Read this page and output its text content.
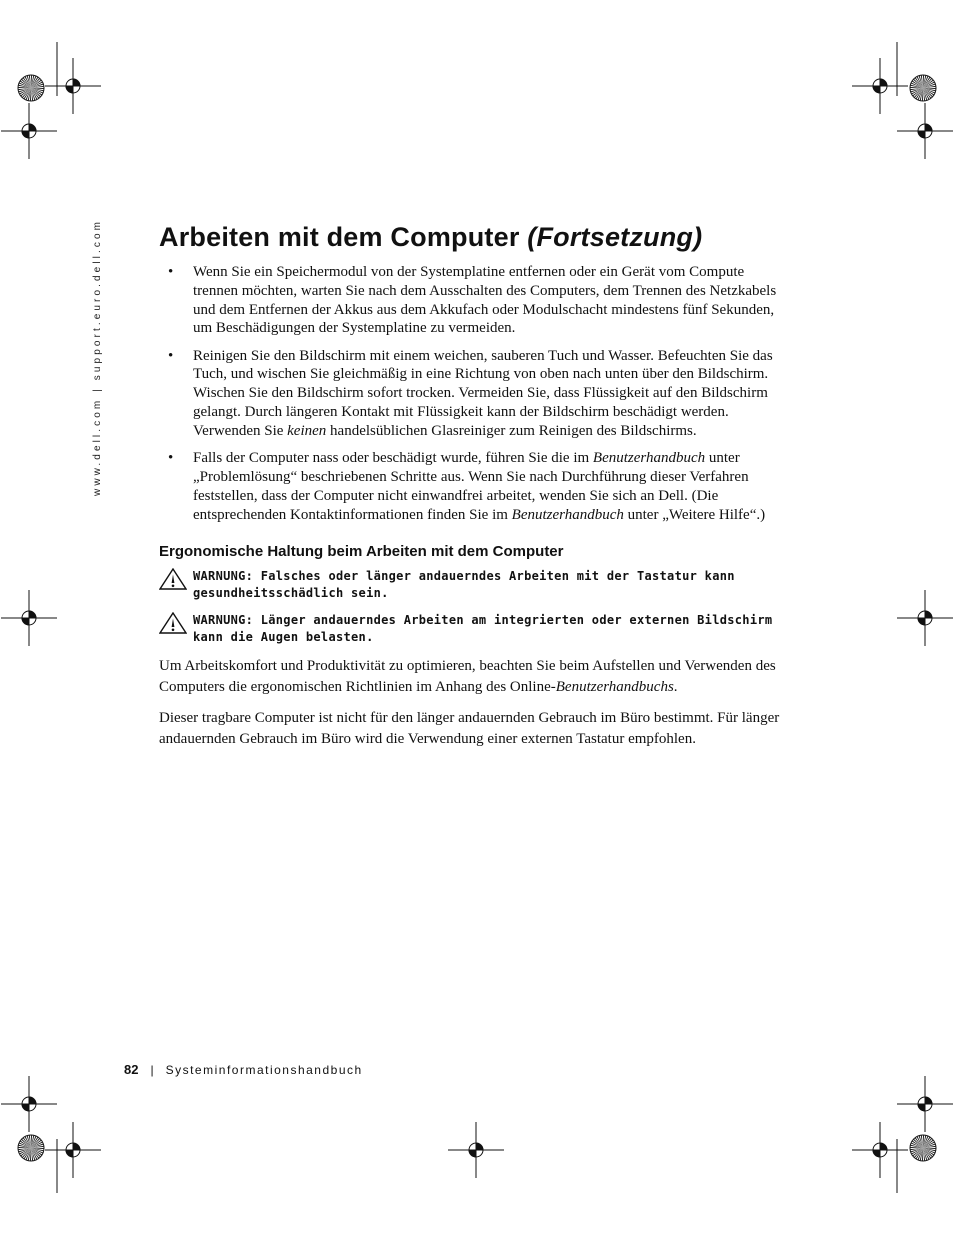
www.dell.com | support.euro.dell.com Arbeiten mit dem Computer (Fortsetzung)
• Wenn Sie ein Speichermodul von der Systemplatine entfernen oder ein Gerät vom Compute trennen möchten, warten Sie nach dem Ausschalten des Computers, dem Trennen des Netzkabels und dem Entfernen der Akkus aus dem Akkufach oder Modulschacht mindestens fünf Sekunden, um Beschädigungen der Systemplatine zu vermeiden.
• Reinigen Sie den Bildschirm mit einem weichen, sauberen Tuch und Wasser. Befeuchten Sie das Tuch, und wischen Sie gleichmäßig in eine Richtung von oben nach unten über den Bildschirm. Wischen Sie den Bildschirm sofort trocken. Vermeiden Sie, dass Flüssigkeit auf den Bildschirm gelangt. Durch längeren Kontakt mit Flüssigkeit kann der Bildschirm beschädigt werden. Verwenden Sie keinen handelsüblichen Glasreiniger zum Reinigen des Bildschirms.
• Falls der Computer nass oder beschädigt wurde, führen Sie die im Benutzerhandbuch unter „Problemlösung“ beschriebenen Schritte aus. Wenn Sie nach Durchführung dieser Verfahren feststellen, dass der Computer nicht einwandfrei arbeitet, wenden Sie sich an Dell. (Die entsprechenden Kontaktinformationen finden Sie im Benutzerhandbuch unter „Weitere Hilfe“.)
Ergonomische Haltung beim Arbeiten mit dem Computer
WARNUNG: Falsches oder länger andauerndes Arbeiten mit der Tastatur kann gesundheitsschädlich sein.
WARNUNG: Länger andauerndes Arbeiten am integrierten oder externen Bildschirm kann die Augen belasten.

Um Arbeitskomfort und Produktivität zu optimieren, beachten Sie beim Aufstellen und Verwenden des Computers die ergonomischen Richtlinien im Anhang des Online-Benutzerhandbuchs.

Dieser tragbare Computer ist nicht für den länger andauernden Gebrauch im Büro bestimmt. Für länger andauernden Gebrauch im Büro wird die Verwendung einer externen Tastatur empfohlen.

82 | Systeminformationshandbuch
